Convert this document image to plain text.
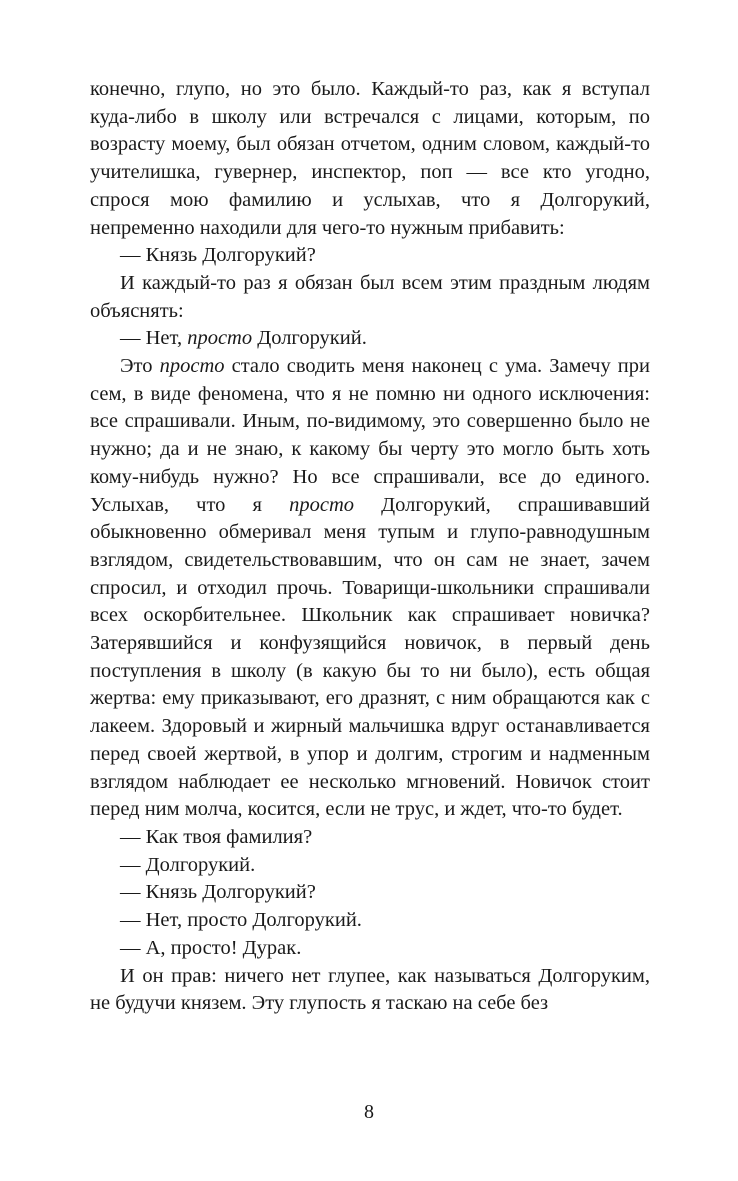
конечно, глупо, но это было. Каждый-то раз, как я вступал куда-либо в школу или встречался с лицами, которым, по возрасту моему, был обязан отчетом, одним словом, каждый-то учителишка, гувернер, инспектор, поп — все кто угодно, спрося мою фамилию и услыхав, что я Долгорукий, непременно находили для чего-то нужным прибавить:

— Князь Долгорукий?

И каждый-то раз я обязан был всем этим праздным людям объяснять:

— Нет, просто Долгорукий.

Это просто стало сводить меня наконец с ума. Замечу при сем, в виде феномена, что я не помню ни одного исключения: все спрашивали. Иным, по-видимому, это совершенно было не нужно; да и не знаю, к какому бы черту это могло быть хоть кому-нибудь нужно? Но все спрашивали, все до единого. Услыхав, что я просто Долгорукий, спрашивавший обыкновенно обмеривал меня тупым и глупо-равнодушным взглядом, свидетельствовавшим, что он сам не знает, зачем спросил, и отходил прочь. Товарищи-школьники спрашивали всех оскорбительнее. Школьник как спрашивает новичка? Затерявшийся и конфузящийся новичок, в первый день поступления в школу (в какую бы то ни было), есть общая жертва: ему приказывают, его дразнят, с ним обращаются как с лакеем. Здоровый и жирный мальчишка вдруг останавливается перед своей жертвой, в упор и долгим, строгим и надменным взглядом наблюдает ее несколько мгновений. Новичок стоит перед ним молча, косится, если не трус, и ждет, что-то будет.

— Как твоя фамилия?

— Долгорукий.

— Князь Долгорукий?

— Нет, просто Долгорукий.

— А, просто! Дурак.

И он прав: ничего нет глупее, как называться Долгоруким, не будучи князем. Эту глупость я таскаю на себе без

8
